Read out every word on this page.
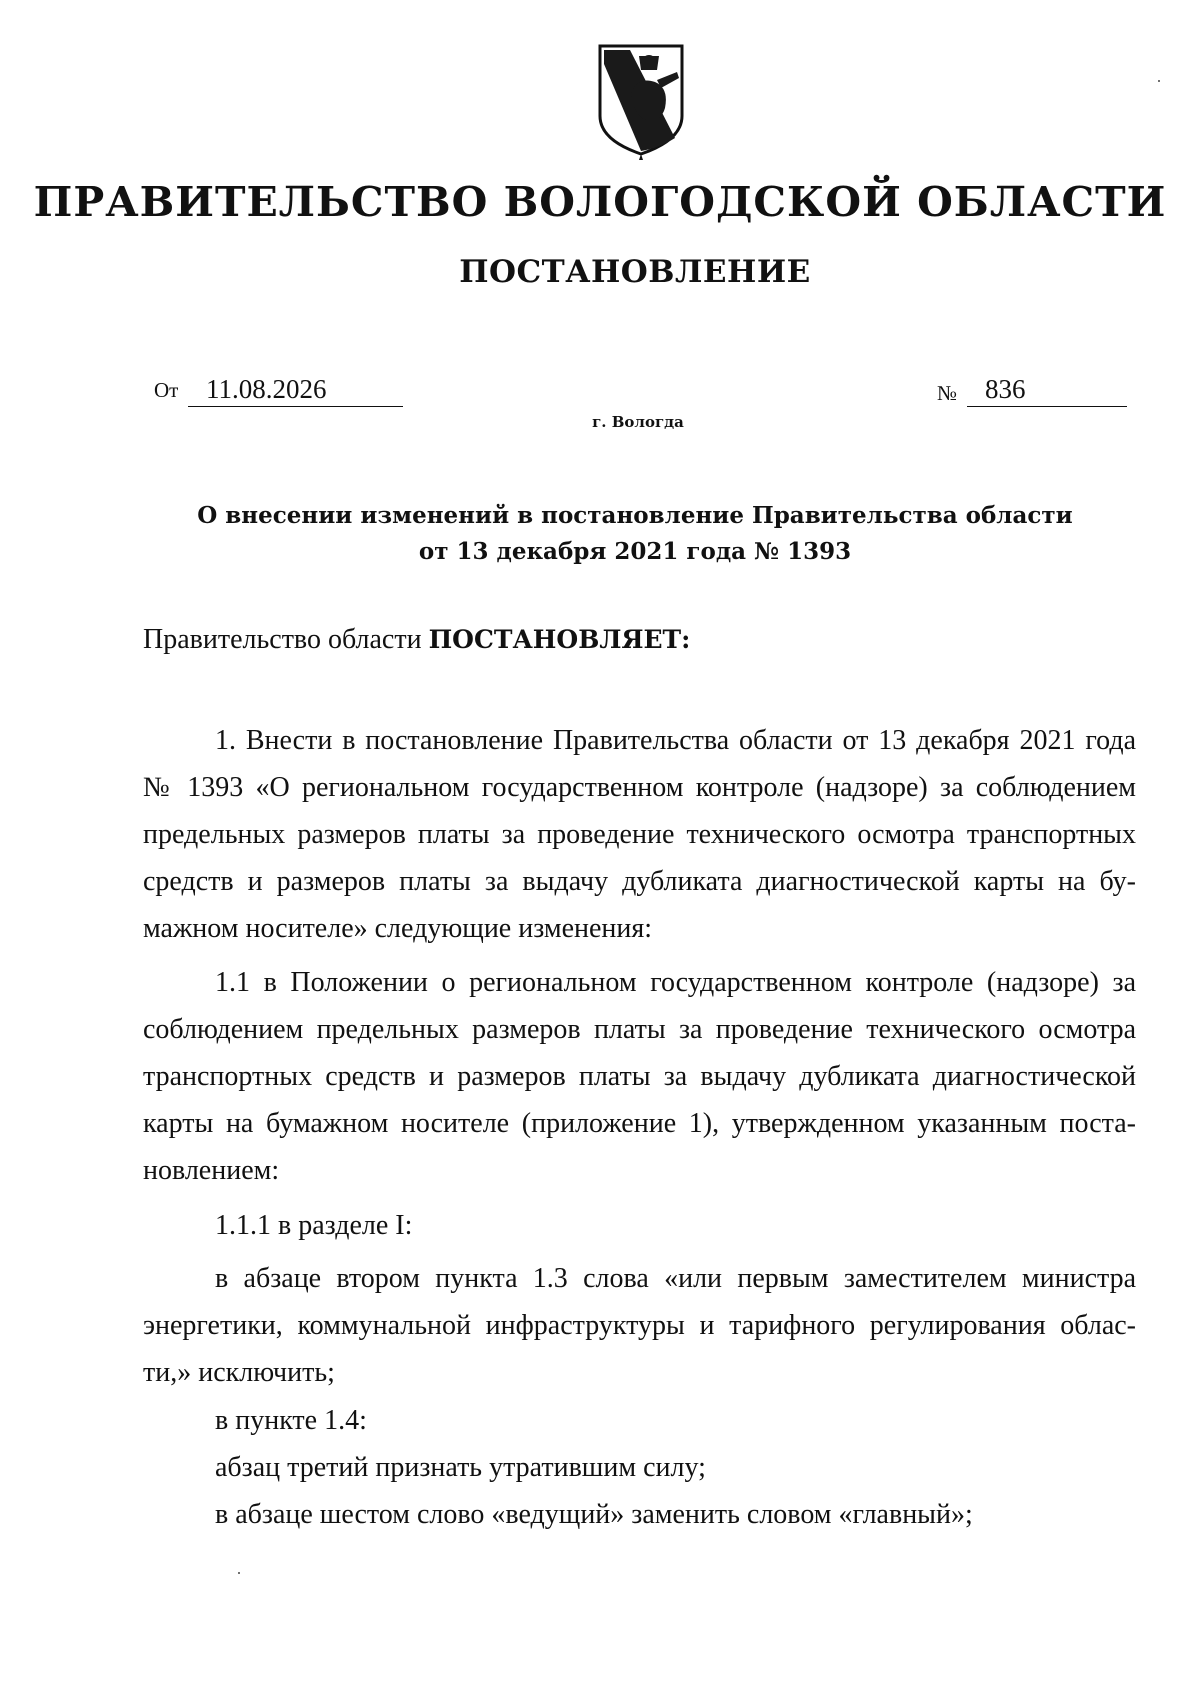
ПРАВИТЕЛЬСТВО ВОЛОГОДСКОЙ ОБЛАСТИ
ПОСТАНОВЛЕНИЕ
От	11.08.2026	№	836
г. Вологда
О внесении изменений в постановление Правительства области
от 13 декабря 2021 года № 1393
Правительство области ПОСТАНОВЛЯЕТ:
1. Внести в постановление Правительства области от 13 декабря 2021 года
№ 1393 «О региональном государственном контроле (надзоре) за соблюдением
предельных размеров платы за проведение технического осмотра транспортных
средств и размеров платы за выдачу дубликата диагностической карты на бу-
мажном носителе» следующие изменения:
1.1 в Положении о региональном государственном контроле (надзоре) за
соблюдением предельных размеров платы за проведение технического осмотра
транспортных средств и размеров платы за выдачу дубликата диагностической
карты на бумажном носителе (приложение 1), утвержденном указанным поста-
новлением:
1.1.1 в разделе I:
в абзаце втором пункта 1.3 слова «или первым заместителем министра
энергетики, коммунальной инфраструктуры и тарифного регулирования облас-
ти,» исключить;
в пункте 1.4:
абзац третий признать утратившим силу;
в абзаце шестом слово «ведущий» заменить словом «главный»;
